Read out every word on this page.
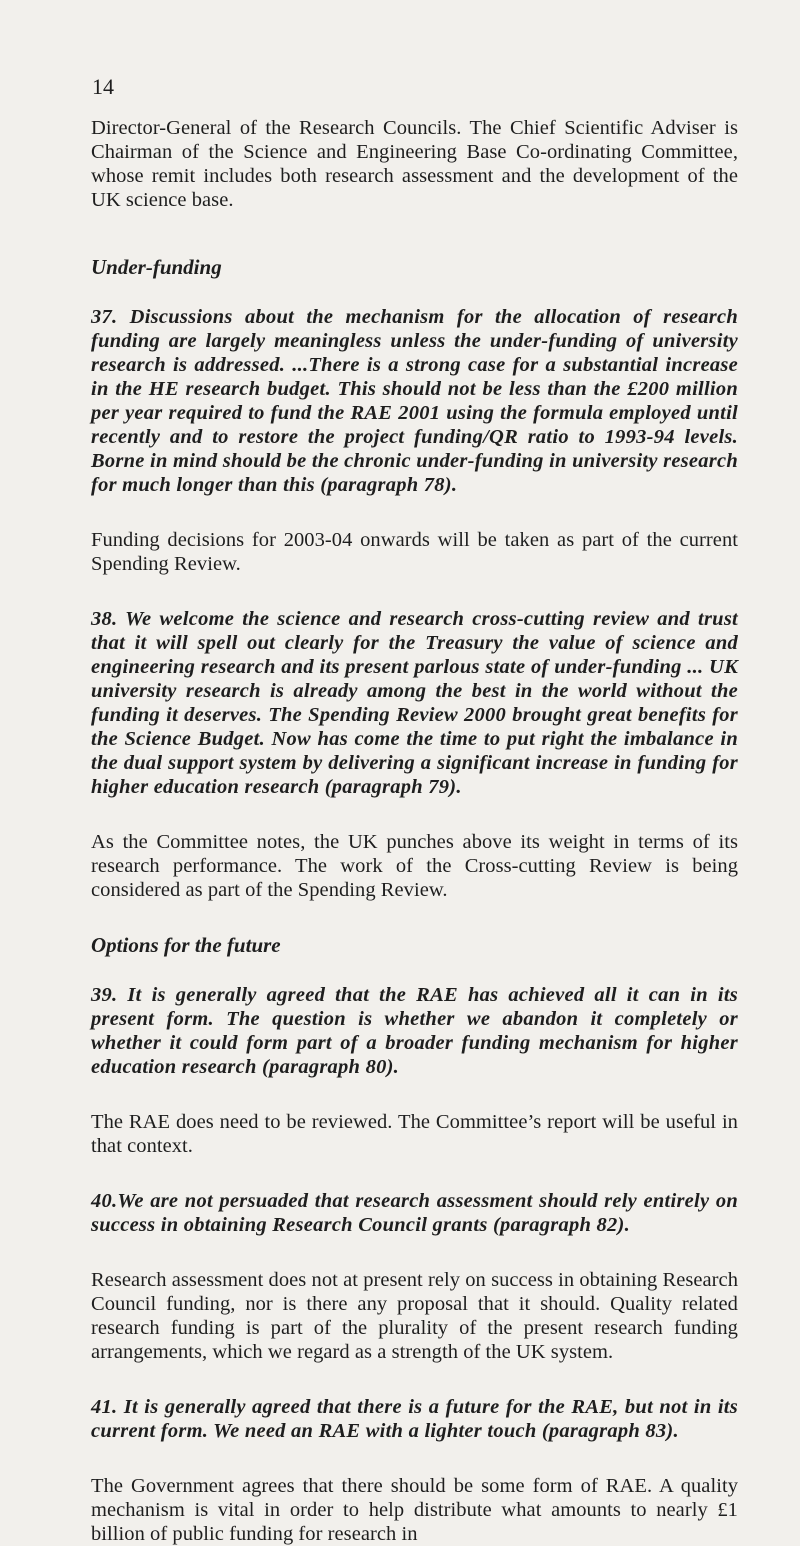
14

Director-General of the Research Councils. The Chief Scientific Adviser is Chairman of the Science and Engineering Base Co-ordinating Committee, whose remit includes both research assessment and the development of the UK science base.

Under-funding

37. Discussions about the mechanism for the allocation of research funding are largely meaningless unless the under-funding of university research is addressed. ...There is a strong case for a substantial increase in the HE research budget. This should not be less than the £200 million per year required to fund the RAE 2001 using the formula employed until recently and to restore the project funding/QR ratio to 1993-94 levels. Borne in mind should be the chronic under-funding in university research for much longer than this (paragraph 78).

Funding decisions for 2003-04 onwards will be taken as part of the current Spending Review.

38. We welcome the science and research cross-cutting review and trust that it will spell out clearly for the Treasury the value of science and engineering research and its present parlous state of under-funding ... UK university research is already among the best in the world without the funding it deserves. The Spending Review 2000 brought great benefits for the Science Budget. Now has come the time to put right the imbalance in the dual support system by delivering a significant increase in funding for higher education research (paragraph 79).

As the Committee notes, the UK punches above its weight in terms of its research performance. The work of the Cross-cutting Review is being considered as part of the Spending Review.

Options for the future

39. It is generally agreed that the RAE has achieved all it can in its present form. The question is whether we abandon it completely or whether it could form part of a broader funding mechanism for higher education research (paragraph 80).

The RAE does need to be reviewed. The Committee’s report will be useful in that context.

40.We are not persuaded that research assessment should rely entirely on success in obtaining Research Council grants (paragraph 82).

Research assessment does not at present rely on success in obtaining Research Council funding, nor is there any proposal that it should. Quality related research funding is part of the plurality of the present research funding arrangements, which we regard as a strength of the UK system.

41. It is generally agreed that there is a future for the RAE, but not in its current form. We need an RAE with a lighter touch (paragraph 83).

The Government agrees that there should be some form of RAE. A quality mechanism is vital in order to help distribute what amounts to nearly £1 billion of public funding for research in
